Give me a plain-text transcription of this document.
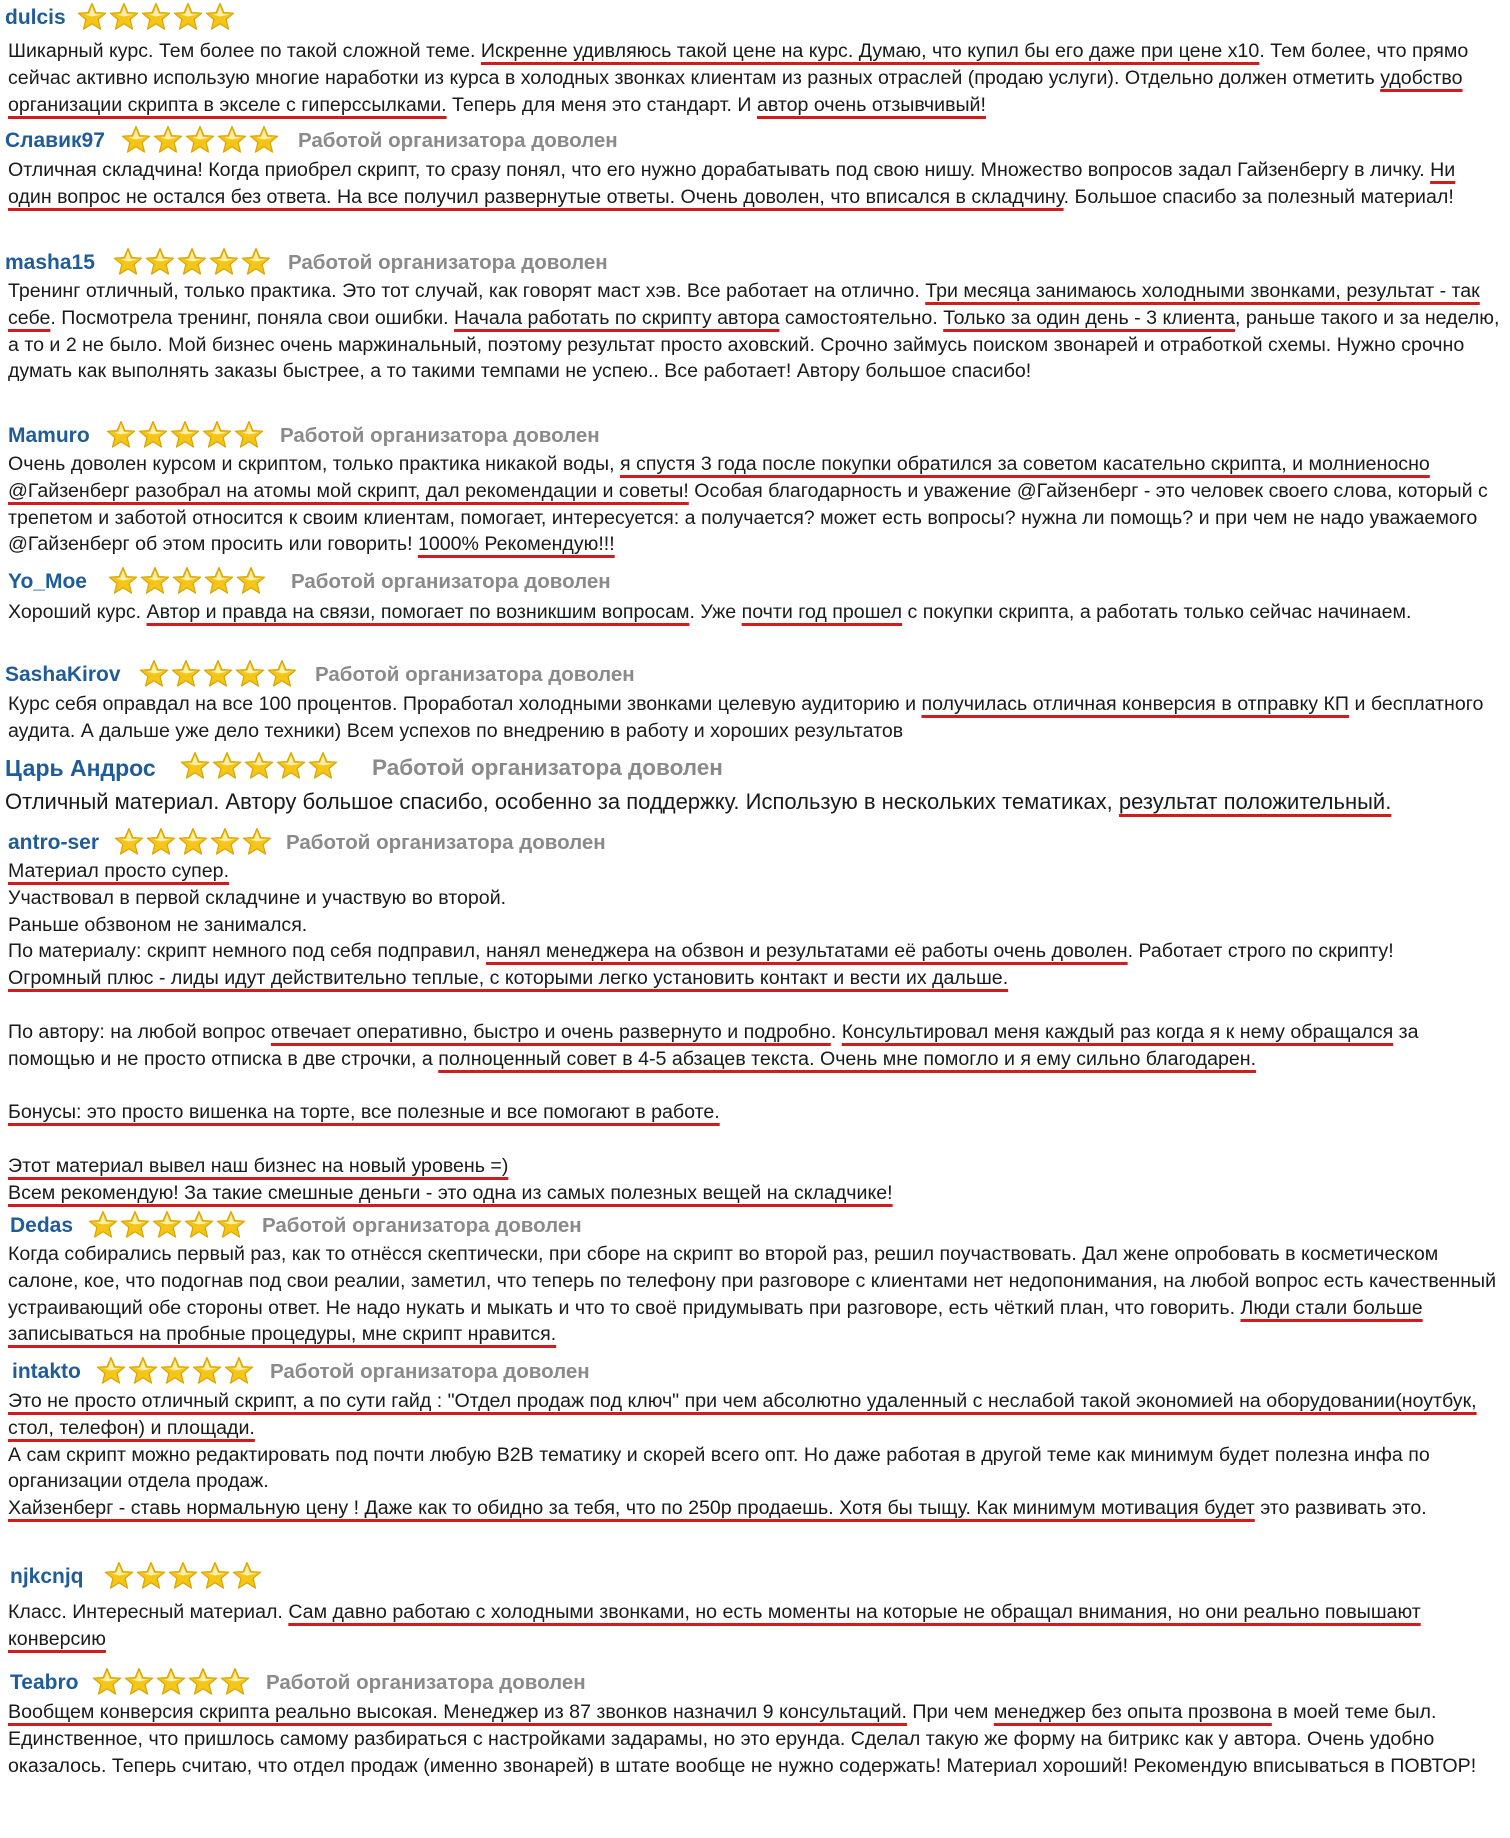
dulcis

Шикарный курс. Тем более по такой сложной теме. Искренне удивляюсь такой цене на курс. Думаю, что купил бы его даже при цене х10. Тем более, что прямо сейчас активно использую многие наработки из курса в холодных звонках клиентам из разных отраслей (продаю услуги). Отдельно должен отметить удобство организации скрипта в экселе с гиперссылками. Теперь для меня это стандарт. И автор очень отзывчивый!

Славик97	Работой организатора доволен

Отличная складчина! Когда приобрел скрипт, то сразу понял, что его нужно дорабатывать под свою нишу. Множество вопросов задал Гайзенбергу в личку. Ни один вопрос не остался без ответа. На все получил развернутые ответы. Очень доволен, что вписался в складчину. Большое спасибо за полезный материал!

masha15	Работой организатора доволен

Тренинг отличный, только практика. Это тот случай, как говорят маст хэв. Все работает на отлично. Три месяца занимаюсь холодными звонками, результат - так себе. Посмотрела тренинг, поняла свои ошибки. Начала работать по скрипту автора самостоятельно. Только за один день - 3 клиента, раньше такого и за неделю, а то и 2 не было. Мой бизнес очень маржинальный, поэтому результат просто аховский. Срочно займусь поиском звонарей и отработкой схемы. Нужно срочно думать как выполнять заказы быстрее, а то такими темпами не успею.. Все работает! Автору большое спасибо!

Mamuro	Работой организатора доволен

Очень доволен курсом и скриптом, только практика никакой воды, я спустя 3 года после покупки обратился за советом касательно скрипта, и молниеносно @Гайзенберг разобрал на атомы мой скрипт, дал рекомендации и советы! Особая благодарность и уважение @Гайзенберг - это человек своего слова, который с трепетом и заботой относится к своим клиентам, помогает, интересуется: а получается? может есть вопросы? нужна ли помощь? и при чем не надо уважаемого @Гайзенберг об этом просить или говорить! 1000% Рекомендую!!!

Yo_Moe	Работой организатора доволен

Хороший курс. Автор и правда на связи, помогает по возникшим вопросам. Уже почти год прошел с покупки скрипта, а работать только сейчас начинаем.

SashaKirov	Работой организатора доволен

Курс себя оправдал на все 100 процентов. Проработал холодными звонками целевую аудиторию и получилась отличная конверсия в отправку КП и бесплатного аудита. А дальше уже дело техники) Всем успехов по внедрению в работу и хороших результатов

Царь Андрос	Работой организатора доволен

Отличный материал. Автору большое спасибо, особенно за поддержку. Использую в нескольких тематиках, результат положительный.

antro-ser	Работой организатора доволен

Материал просто супер.

Участвовал в первой складчине и участвую во второй.

Раньше обзвоном не занимался.

По материалу: скрипт немного под себя подправил, нанял менеджера на обзвон и результатами её работы очень доволен. Работает строго по скрипту!

Огромный плюс - лиды идут действительно теплые, с которыми легко установить контакт и вести их дальше.

По автору: на любой вопрос отвечает оперативно, быстро и очень развернуто и подробно. Консультировал меня каждый раз когда я к нему обращался за помощью и не просто отписка в две строчки, а полноценный совет в 4-5 абзацев текста. Очень мне помогло и я ему сильно благодарен.

Бонусы: это просто вишенка на торте, все полезные и все помогают в работе.

Этот материал вывел наш бизнес на новый уровень =)

Всем рекомендую! За такие смешные деньги - это одна из самых полезных вещей на складчике!

Dedas	Работой организатора доволен

Когда собирались первый раз, как то отнёсся скептически, при сборе на скрипт во второй раз, решил поучаствовать. Дал жене опробовать в косметическом салоне, кое, что подогнав под свои реалии, заметил, что теперь по телефону при разговоре с клиентами нет недопонимания, на любой вопрос есть качественный устраивающий обе стороны ответ. Не надо нукать и мыкать и что то своё придумывать при разговоре, есть чёткий план, что говорить. Люди стали больше записываться на пробные процедуры, мне скрипт нравится.

intakto	Работой организатора доволен

Это не просто отличный скрипт, а по сути гайд : "Отдел продаж под ключ" при чем абсолютно удаленный с неслабой такой экономией на оборудовании(ноутбук, стол, телефон) и площади.

А сам скрипт можно редактировать под почти любую B2B тематику и скорей всего опт. Но даже работая в другой теме как минимум будет полезна инфа по организации отдела продаж.

Хайзенберг - ставь нормальную цену ! Даже как то обидно за тебя, что по 250р продаешь. Хотя бы тыщу. Как минимум мотивация будет это развивать это.

njkcnjq

Класс. Интересный материал. Сам давно работаю с холодными звонками, но есть моменты на которые не обращал внимания, но они реально повышают конверсию

Teabro	Работой организатора доволен

Вообщем конверсия скрипта реально высокая. Менеджер из 87 звонков назначил 9 консультаций. При чем менеджер без опыта прозвона в моей теме был.

Единственное, что пришлось самому разбираться с настройками задарамы, но это ерунда. Сделал такую же форму на битрикс как у автора. Очень удобно оказалось. Теперь считаю, что отдел продаж (именно звонарей) в штате вообще не нужно содержать! Материал хороший! Рекомендую вписываться в ПОВТОР!
